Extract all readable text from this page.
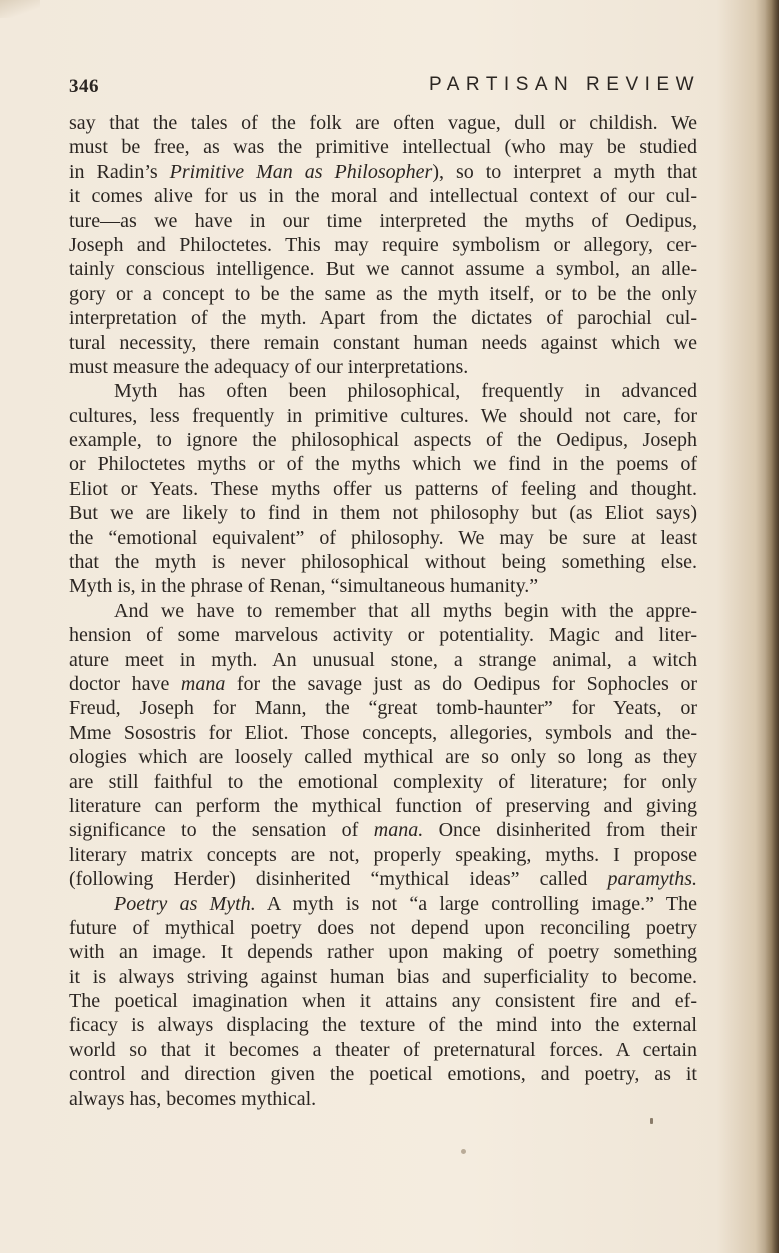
346	PARTISAN REVIEW
say that the tales of the folk are often vague, dull or childish. We
must be free, as was the primitive intellectual (who may be studied
in Radin’s Primitive Man as Philosopher), so to interpret a myth that
it comes alive for us in the moral and intellectual context of our cul-
ture—as we have in our time interpreted the myths of Oedipus,
Joseph and Philoctetes. This may require symbolism or allegory, cer-
tainly conscious intelligence. But we cannot assume a symbol, an alle-
gory or a concept to be the same as the myth itself, or to be the only
interpretation of the myth. Apart from the dictates of parochial cul-
tural necessity, there remain constant human needs against which we
must measure the adequacy of our interpretations.
Myth has often been philosophical, frequently in advanced
cultures, less frequently in primitive cultures. We should not care, for
example, to ignore the philosophical aspects of the Oedipus, Joseph
or Philoctetes myths or of the myths which we find in the poems of
Eliot or Yeats. These myths offer us patterns of feeling and thought.
But we are likely to find in them not philosophy but (as Eliot says)
the “emotional equivalent” of philosophy. We may be sure at least
that the myth is never philosophical without being something else.
Myth is, in the phrase of Renan, “simultaneous humanity.”
And we have to remember that all myths begin with the appre-
hension of some marvelous activity or potentiality. Magic and liter-
ature meet in myth. An unusual stone, a strange animal, a witch
doctor have mana for the savage just as do Oedipus for Sophocles or
Freud, Joseph for Mann, the “great tomb-haunter” for Yeats, or
Mme Sosostris for Eliot. Those concepts, allegories, symbols and the-
ologies which are loosely called mythical are so only so long as they
are still faithful to the emotional complexity of literature; for only
literature can perform the mythical function of preserving and giving
significance to the sensation of mana. Once disinherited from their
literary matrix concepts are not, properly speaking, myths. I propose
(following Herder) disinherited “mythical ideas” called paramyths.
Poetry as Myth. A myth is not “a large controlling image.” The
future of mythical poetry does not depend upon reconciling poetry
with an image. It depends rather upon making of poetry something
it is always striving against human bias and superficiality to become.
The poetical imagination when it attains any consistent fire and ef-
ficacy is always displacing the texture of the mind into the external
world so that it becomes a theater of preternatural forces. A certain
control and direction given the poetical emotions, and poetry, as it
always has, becomes mythical.
